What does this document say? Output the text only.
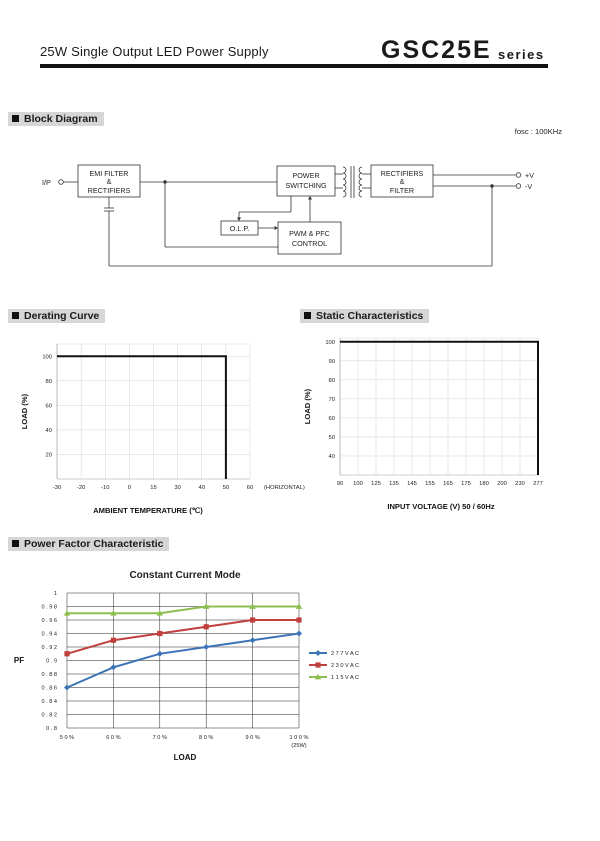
25W Single Output LED Power Supply	GSC25E series
Block Diagram
Derating Curve	Static Characteristics
Power Factor Characteristic
I/P
EMI FILTER
&
RECTIFIERS
POWER
SWITCHING
RECTIFIERS
&
FILTER
O.L.P.
PWM & PFC
CONTROL
+V
-V
fosc : 100KHz
-30	-20	-10	0	15	30	40	50	60
20
40
60
80
100
(HORIZONTAL)
AMBIENT TEMPERATURE (℃)
LOAD (%)
90 100 125 135 145 155 165 175 180 200 230 277
40
50
60
70
80
90
100
INPUT VOLTAGE (V) 50 / 60Hz
LOAD (%)
Constant Current Mode
0 . 8
0 . 8 2
0 . 8 4
0 . 8 6
0 . 8 8
0 . 9
0 . 9 2
0 . 9 4
0 . 9 6
0 . 9 8
1
5 0 %	6 0 %	7 0 %	8 0 %	9 0 %	1 0 0 %
(25W)
LOAD
PF
2 7 7 V A C
2 3 0 V A C
1 1 5 V A C
